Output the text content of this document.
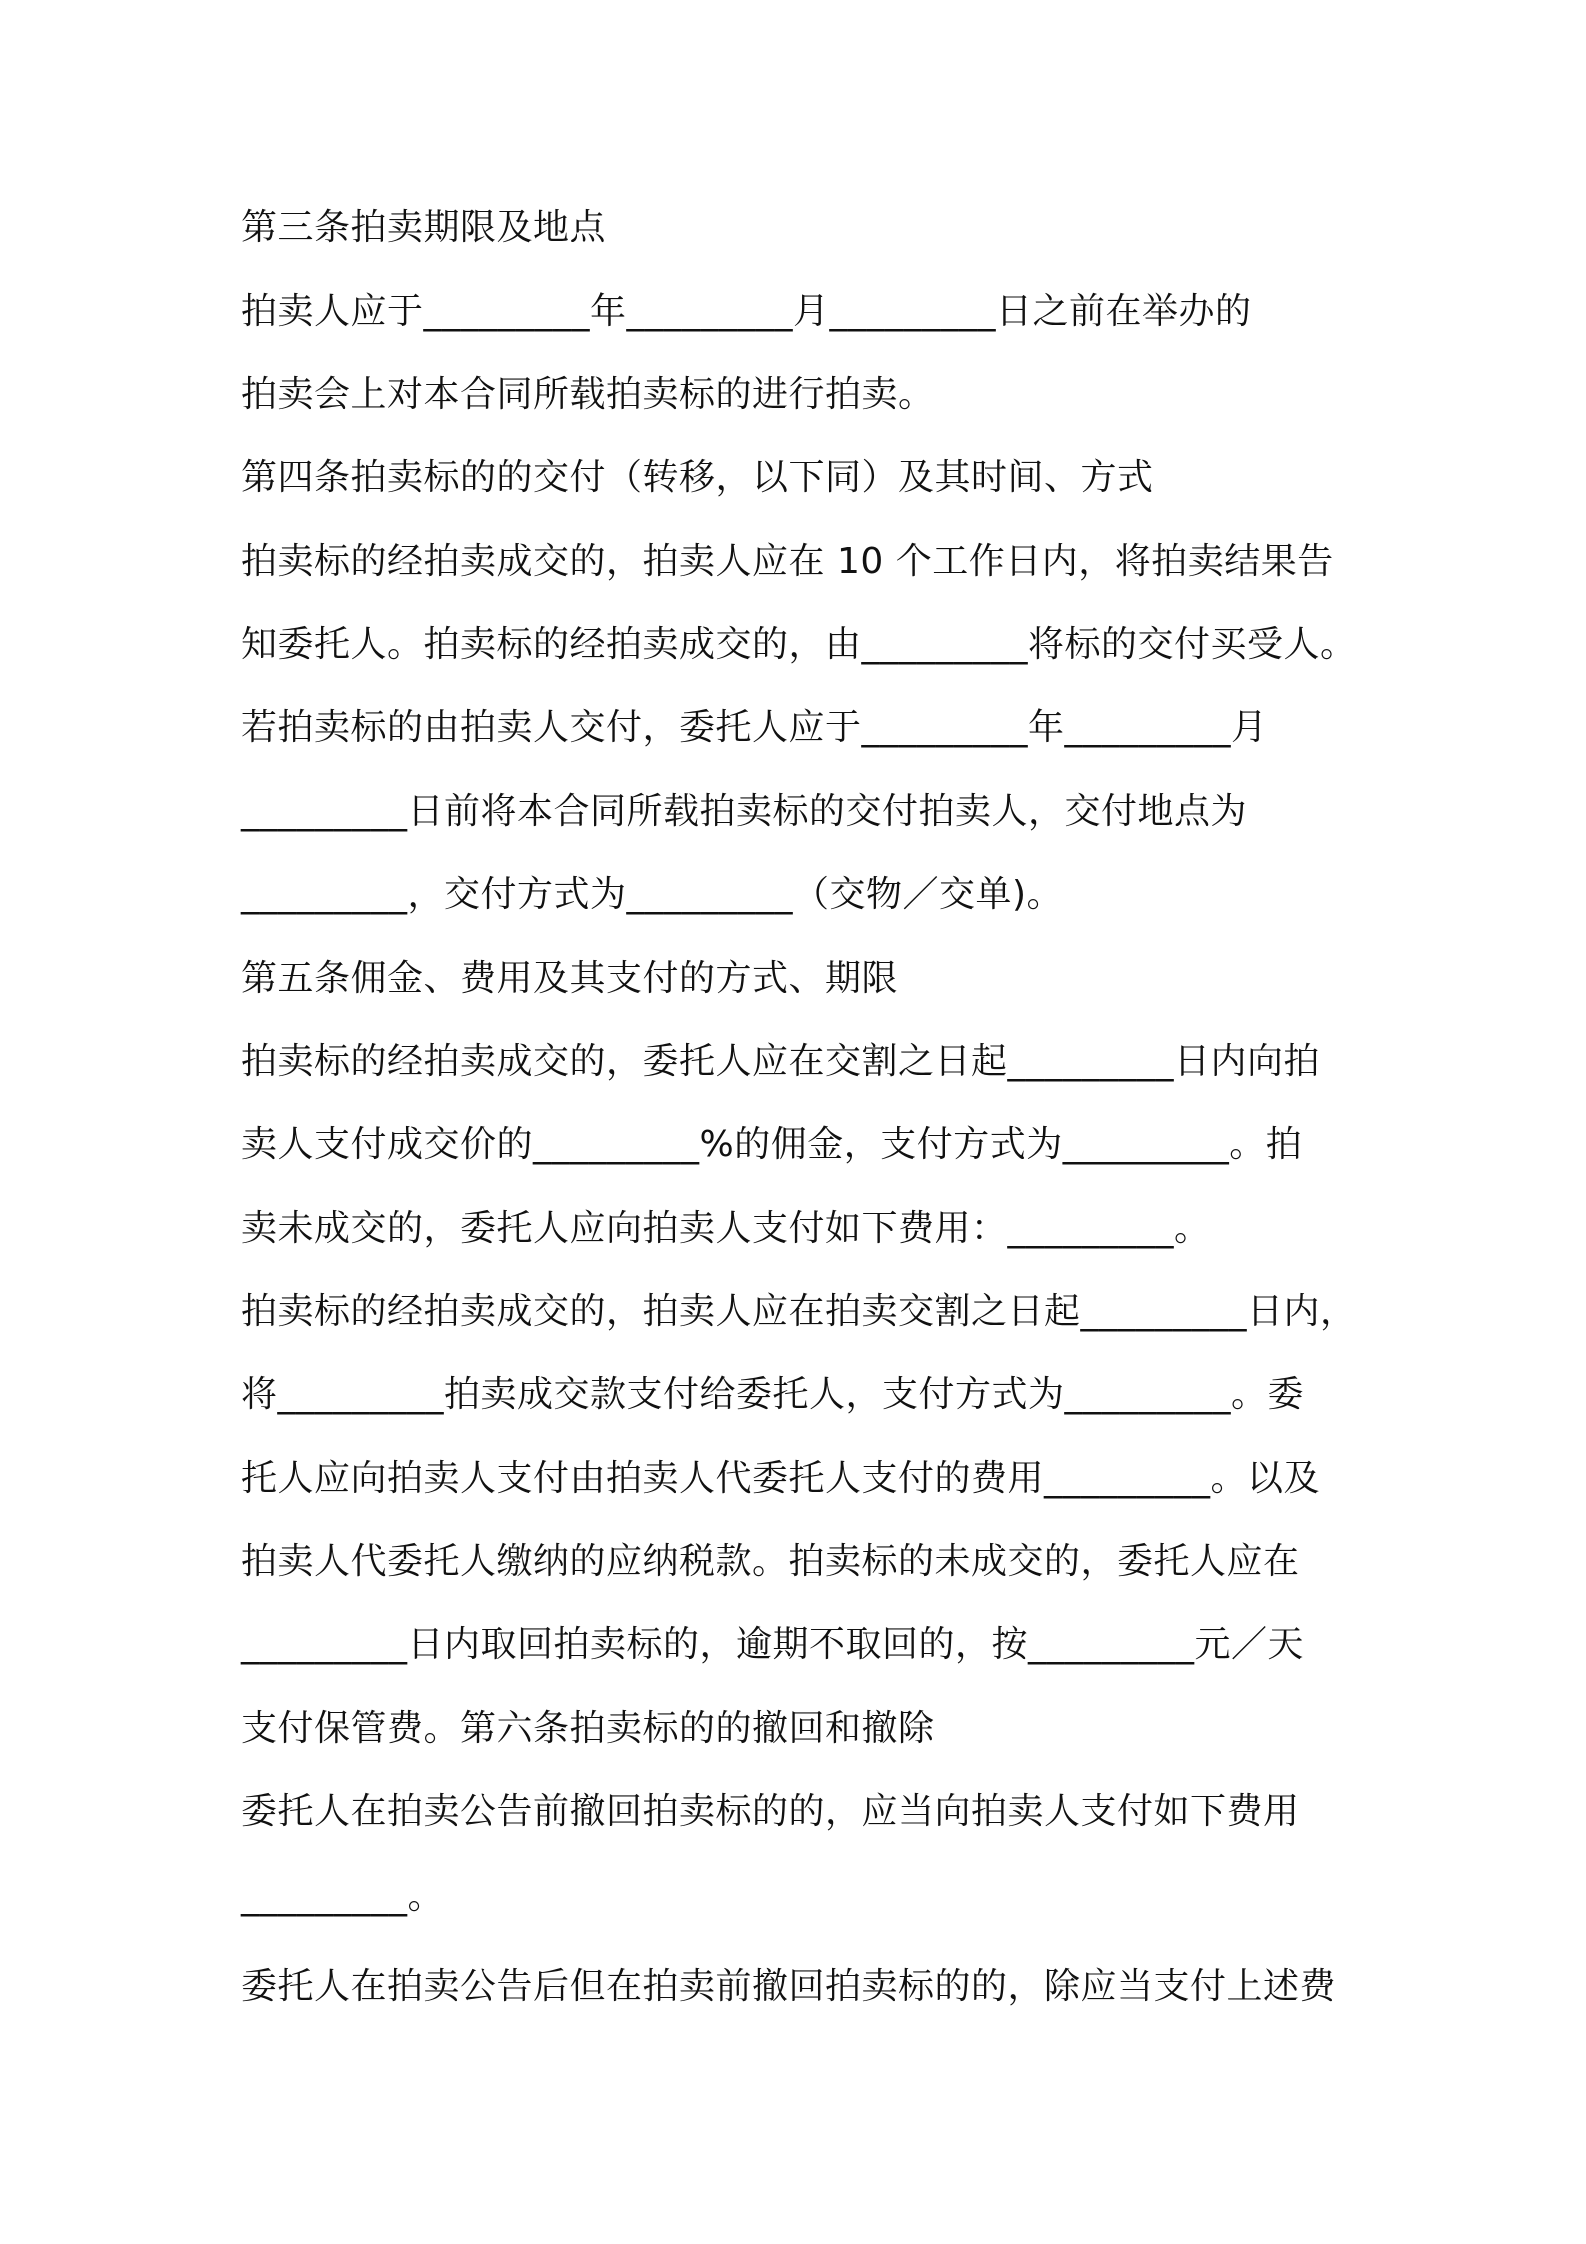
第三条拍卖期限及地点
拍卖人应于_________年_________月_________日之前在举办的
拍卖会上对本合同所载拍卖标的进行拍卖。
第四条拍卖标的的交付（转移，以下同）及其时间、方式
拍卖标的经拍卖成交的，拍卖人应在 10 个工作日内，将拍卖结果告
知委托人。拍卖标的经拍卖成交的，由_________将标的交付买受人。
若拍卖标的由拍卖人交付，委托人应于_________年_________月
_________日前将本合同所载拍卖标的交付拍卖人，交付地点为
_________，交付方式为_________（交物／交单)。
第五条佣金、费用及其支付的方式、期限
拍卖标的经拍卖成交的，委托人应在交割之日起_________日内向拍
卖人支付成交价的_________%的佣金，支付方式为_________。拍
卖未成交的，委托人应向拍卖人支付如下费用：_________。
拍卖标的经拍卖成交的，拍卖人应在拍卖交割之日起_________日内，
将_________拍卖成交款支付给委托人，支付方式为_________。委
托人应向拍卖人支付由拍卖人代委托人支付的费用_________。以及
拍卖人代委托人缴纳的应纳税款。拍卖标的未成交的，委托人应在
_________日内取回拍卖标的，逾期不取回的，按_________元／天
支付保管费。第六条拍卖标的的撤回和撤除
委托人在拍卖公告前撤回拍卖标的的，应当向拍卖人支付如下费用
_________。
委托人在拍卖公告后但在拍卖前撤回拍卖标的的，除应当支付上述费
